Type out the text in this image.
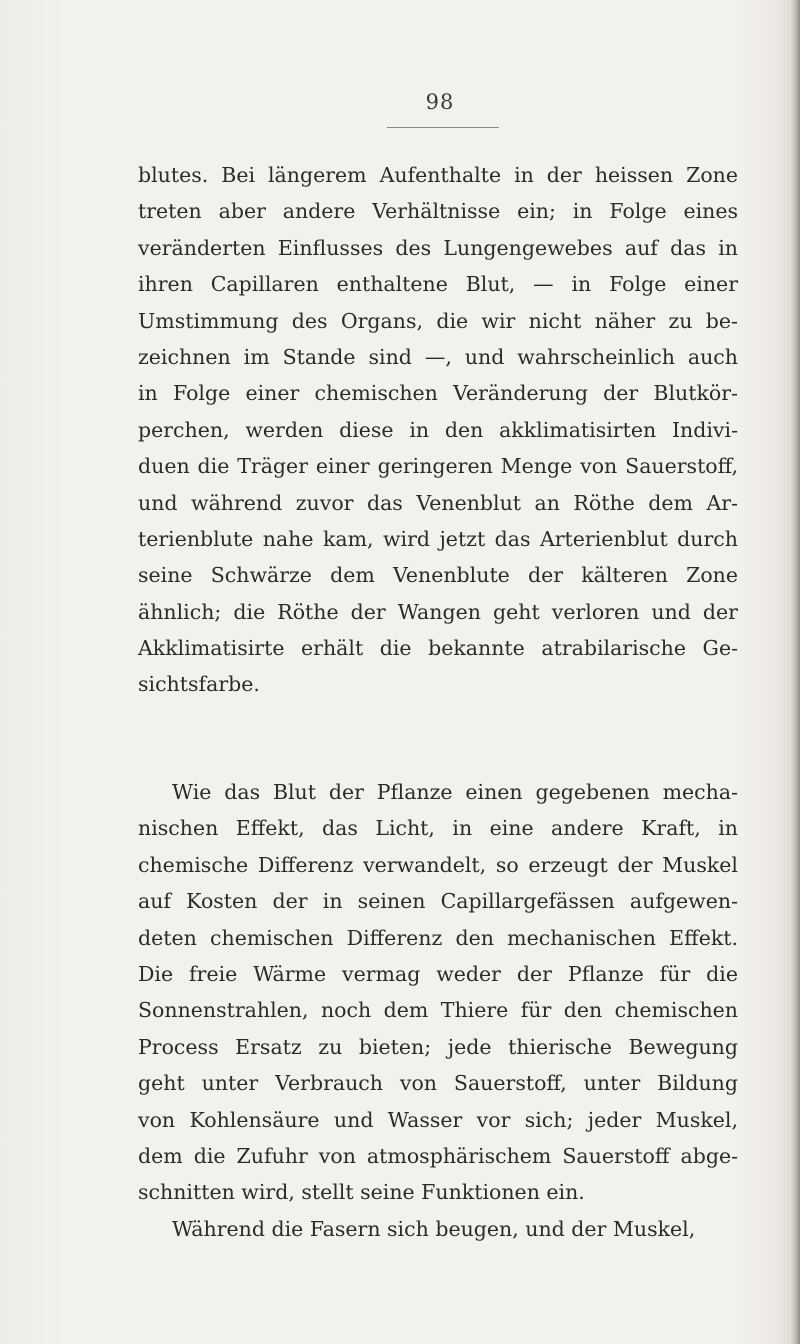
98

blutes. Bei längerem Aufenthalte in der heissen Zone
treten aber andere Verhältnisse ein; in Folge eines
veränderten Einflusses des Lungengewebes auf das in
ihren Capillaren enthaltene Blut, — in Folge einer
Umstimmung des Organs, die wir nicht näher zu be-
zeichnen im Stande sind —, und wahrscheinlich auch
in Folge einer chemischen Veränderung der Blutkör-
perchen, werden diese in den akklimatisirten Indivi-
duen die Träger einer geringeren Menge von Sauerstoff,
und während zuvor das Venenblut an Röthe dem Ar-
terienblute nahe kam, wird jetzt das Arterienblut durch
seine Schwärze dem Venenblute der kälteren Zone
ähnlich; die Röthe der Wangen geht verloren und der
Akklimatisirte erhält die bekannte atrabilarische Ge-
sichtsfarbe.

Wie das Blut der Pflanze einen gegebenen mecha-
nischen Effekt, das Licht, in eine andere Kraft, in
chemische Differenz verwandelt, so erzeugt der Muskel
auf Kosten der in seinen Capillargefässen aufgewen-
deten chemischen Differenz den mechanischen Effekt.
Die freie Wärme vermag weder der Pflanze für die
Sonnenstrahlen, noch dem Thiere für den chemischen
Process Ersatz zu bieten; jede thierische Bewegung
geht unter Verbrauch von Sauerstoff, unter Bildung
von Kohlensäure und Wasser vor sich; jeder Muskel,
dem die Zufuhr von atmosphärischem Sauerstoff abge-
schnitten wird, stellt seine Funktionen ein.
Während die Fasern sich beugen, und der Muskel,
